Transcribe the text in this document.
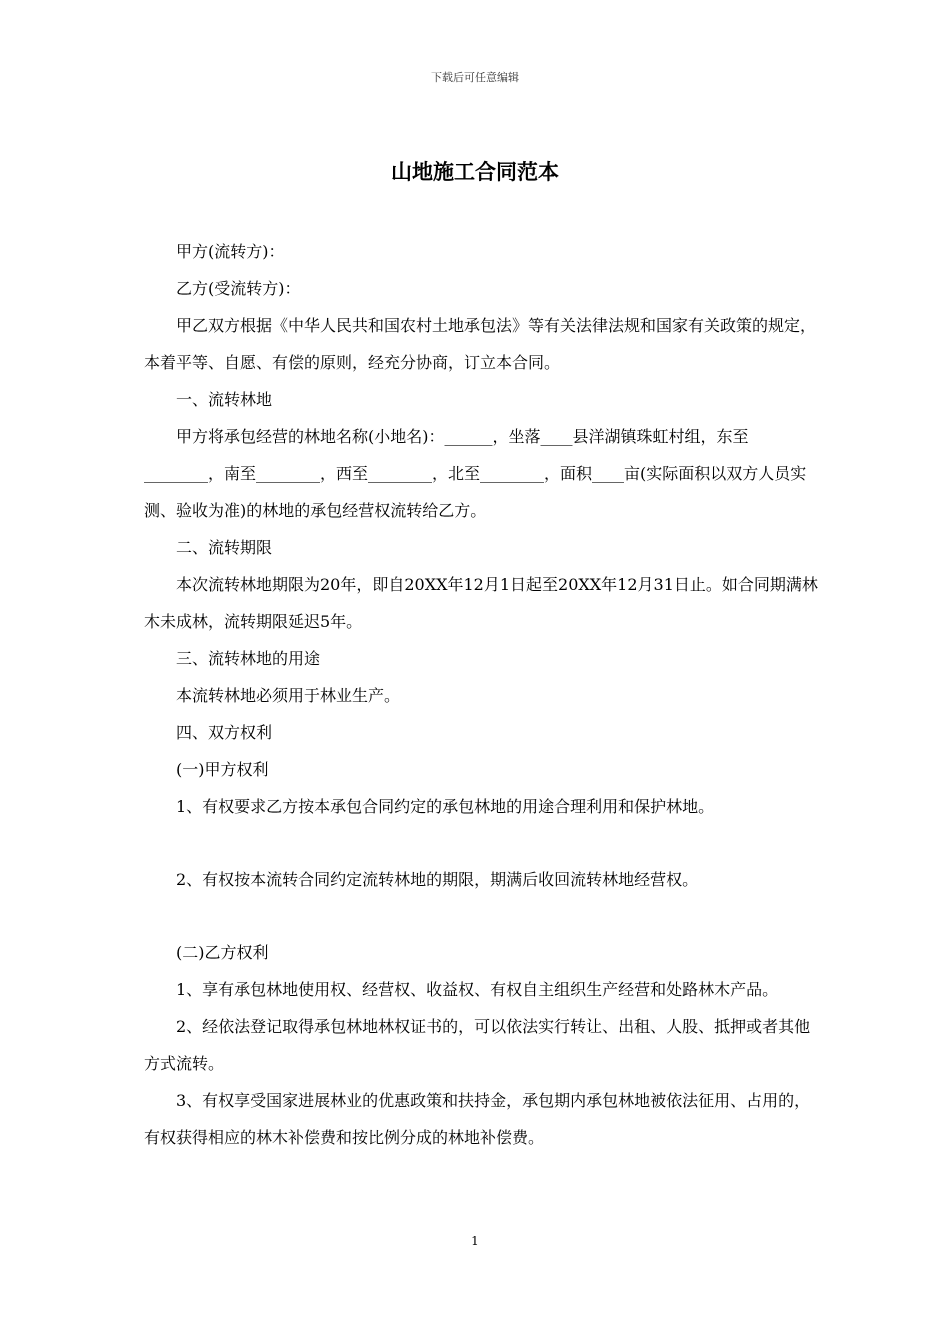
下载后可任意编辑
山地施工合同范本

甲方(流转方)：

乙方(受流转方)：

甲乙双方根据《中华人民共和国农村土地承包法》等有关法律法规和国家有关政策的规定，本着平等、自愿、有偿的原则，经充分协商，订立本合同。

一、流转林地

甲方将承包经营的林地名称(小地名)：______，坐落____县洋湖镇珠虹村组，东至________，南至________，西至________，北至________，面积____亩(实际面积以双方人员实测、验收为准)的林地的承包经营权流转给乙方。

二、流转期限

本次流转林地期限为20年，即自20XX年12月1日起至20XX年12月31日止。如合同期满林木未成林，流转期限延迟5年。

三、流转林地的用途

本流转林地必须用于林业生产。

四、双方权利

(一)甲方权利

1、有权要求乙方按本承包合同约定的承包林地的用途合理利用和保护林地。

2、有权按本流转合同约定流转林地的期限，期满后收回流转林地经营权。

(二)乙方权利

1、享有承包林地使用权、经营权、收益权、有权自主组织生产经营和处路林木产品。

2、经依法登记取得承包林地林权证书的，可以依法实行转让、出租、人股、抵押或者其他方式流转。

3、有权享受国家进展林业的优惠政策和扶持金，承包期内承包林地被依法征用、占用的，有权获得相应的林木补偿费和按比例分成的林地补偿费。

1
